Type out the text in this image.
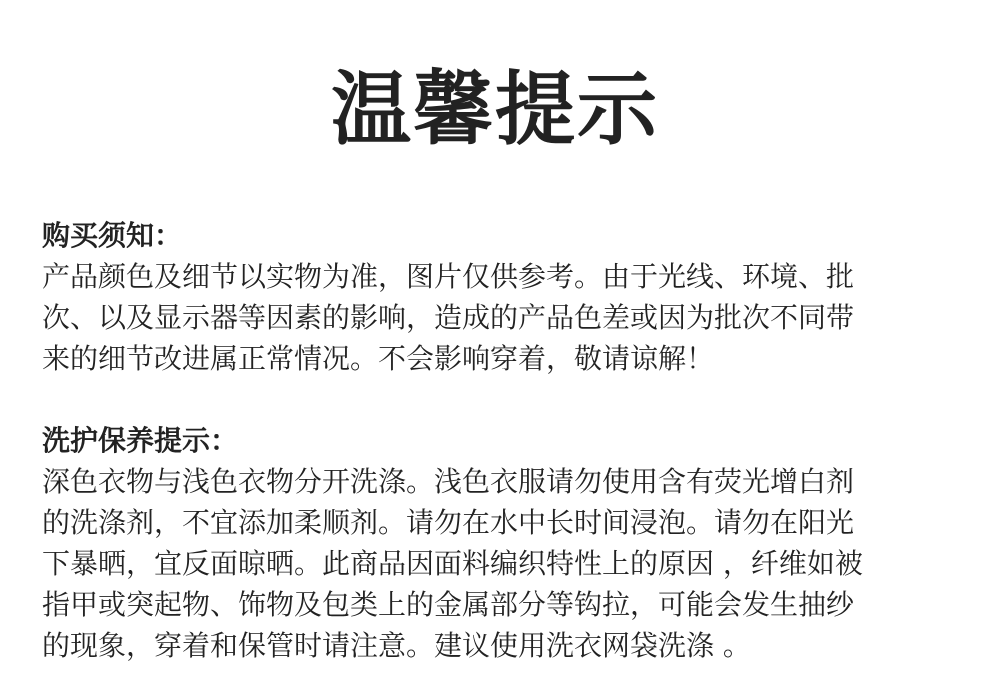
温馨提示
购买须知：
产品颜色及细节以实物为准，图片仅供参考。由于光线、环境、批
次、以及显示器等因素的影响，造成的产品色差或因为批次不同带
来的细节改进属正常情况。不会影响穿着，敬请谅解！
洗护保养提示：
深色衣物与浅色衣物分开洗涤。浅色衣服请勿使用含有荧光增白剂
的洗涤剂，不宜添加柔顺剂。请勿在水中长时间浸泡。请勿在阳光
下暴晒，宜反面晾晒。此商品因面料编织特性上的原因 ，纤维如被
指甲或突起物、饰物及包类上的金属部分等钩拉，可能会发生抽纱
的现象，穿着和保管时请注意。建议使用洗衣网袋洗涤 。
